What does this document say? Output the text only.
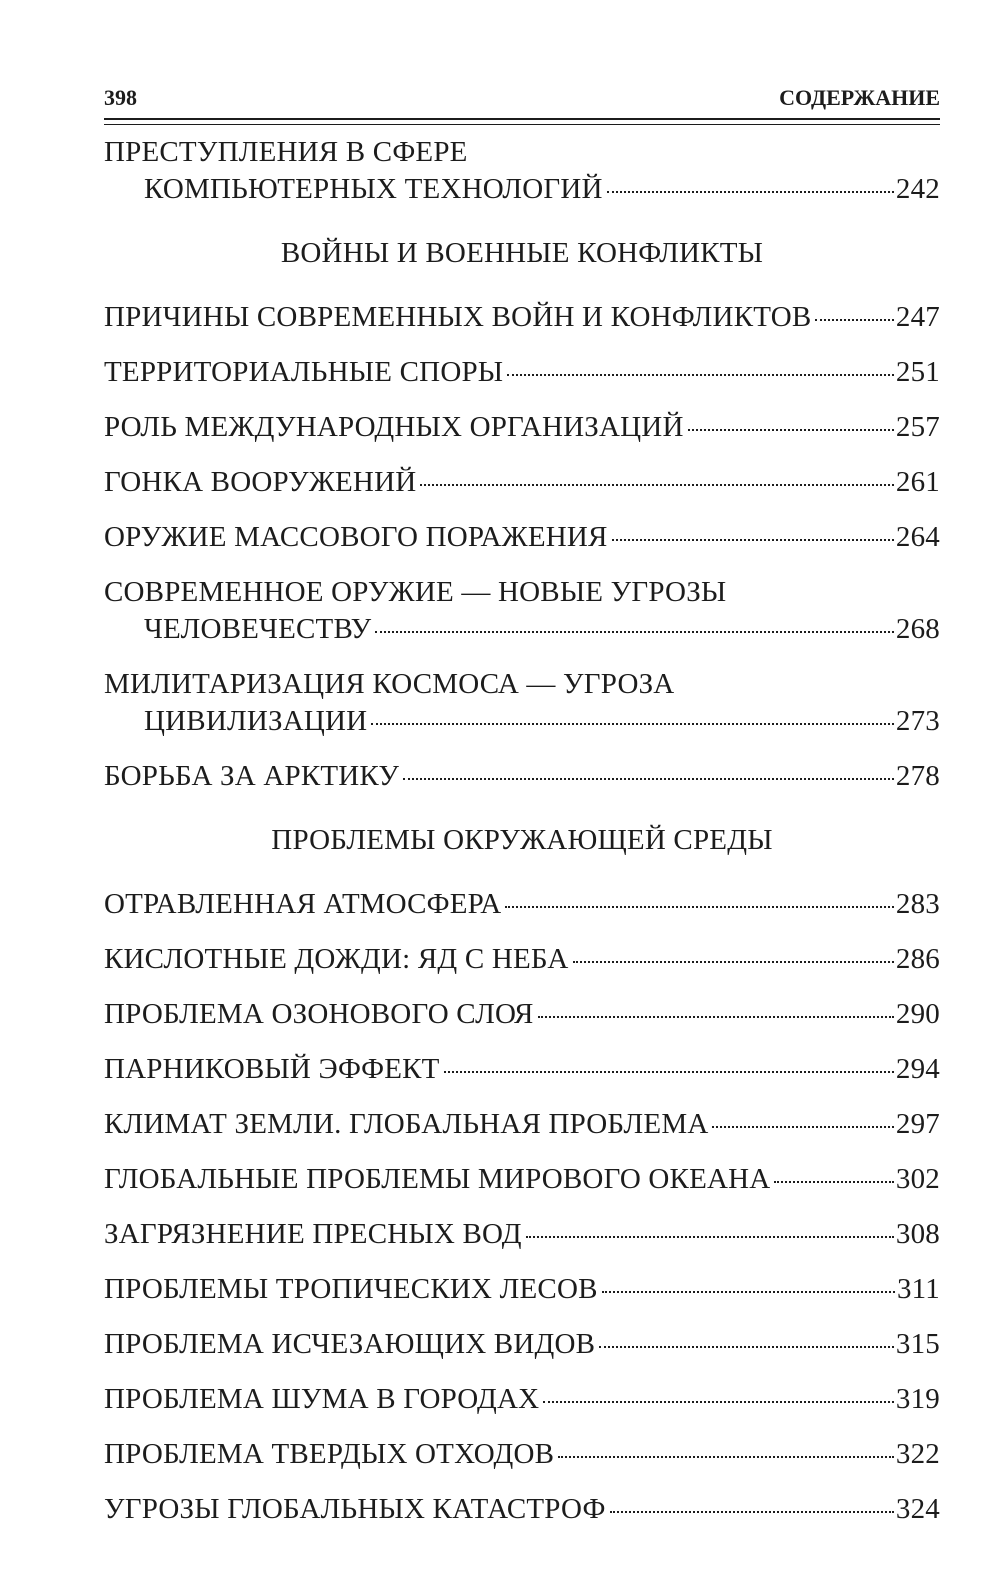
398	СОДЕРЖАНИЕ
ПРЕСТУПЛЕНИЯ В СФЕРЕ
КОМПЬЮТЕРНЫХ ТЕХНОЛОГИЙ	242
ВОЙНЫ И ВОЕННЫЕ КОНФЛИКТЫ
ПРИЧИНЫ СОВРЕМЕННЫХ ВОЙН И КОНФЛИКТОВ	247
ТЕРРИТОРИАЛЬНЫЕ СПОРЫ	251
РОЛЬ МЕЖДУНАРОДНЫХ ОРГАНИЗАЦИЙ	257
ГОНКА ВООРУЖЕНИЙ	261
ОРУЖИЕ МАССОВОГО ПОРАЖЕНИЯ	264
СОВРЕМЕННОЕ ОРУЖИЕ — НОВЫЕ УГРОЗЫ
ЧЕЛОВЕЧЕСТВУ	268
МИЛИТАРИЗАЦИЯ КОСМОСА — УГРОЗА
ЦИВИЛИЗАЦИИ	273
БОРЬБА ЗА АРКТИКУ	278
ПРОБЛЕМЫ ОКРУЖАЮЩЕЙ СРЕДЫ
ОТРАВЛЕННАЯ АТМОСФЕРА	283
КИСЛОТНЫЕ ДОЖДИ: ЯД С НЕБА	286
ПРОБЛЕМА ОЗОНОВОГО СЛОЯ	290
ПАРНИКОВЫЙ ЭФФЕКТ	294
КЛИМАТ ЗЕМЛИ. ГЛОБАЛЬНАЯ ПРОБЛЕМА	297
ГЛОБАЛЬНЫЕ ПРОБЛЕМЫ МИРОВОГО ОКЕАНА	302
ЗАГРЯЗНЕНИЕ ПРЕСНЫХ ВОД	308
ПРОБЛЕМЫ ТРОПИЧЕСКИХ ЛЕСОВ	311
ПРОБЛЕМА ИСЧЕЗАЮЩИХ ВИДОВ	315
ПРОБЛЕМА ШУМА В ГОРОДАХ	319
ПРОБЛЕМА ТВЕРДЫХ ОТХОДОВ	322
УГРОЗЫ ГЛОБАЛЬНЫХ КАТАСТРОФ	324
